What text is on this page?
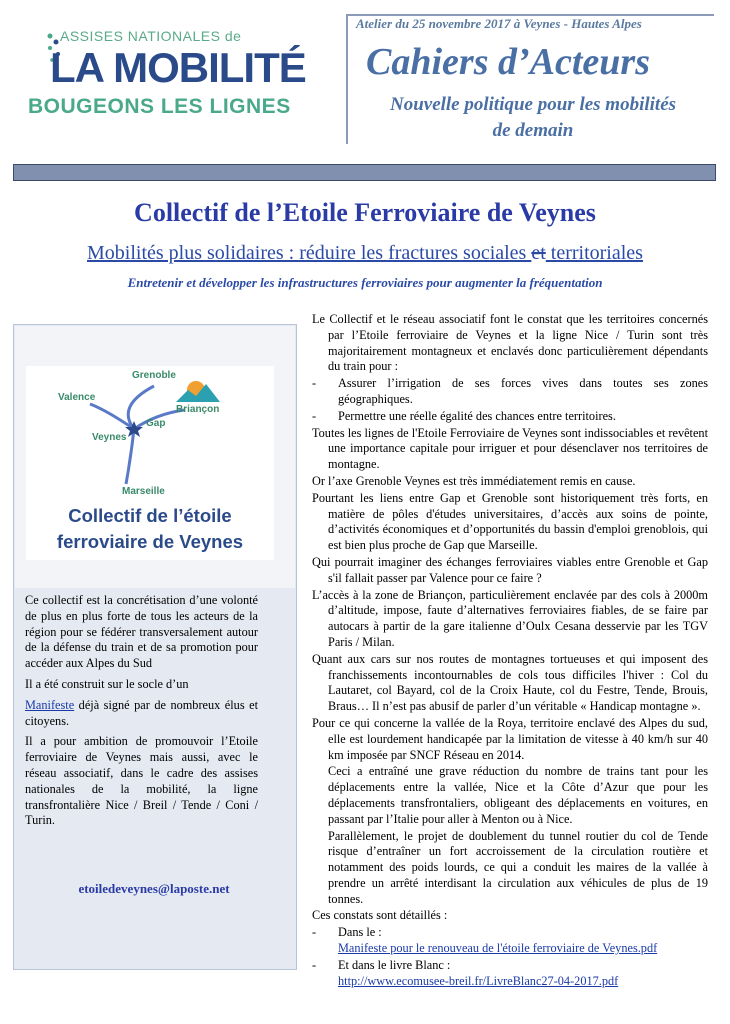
ASSISES NATIONALES de
LA MOBILITÉ
BOUGEONS LES LIGNES
Atelier du 25 novembre 2017 à Veynes - Hautes Alpes
Cahiers d’Acteurs
Nouvelle politique pour les mobilités
de demain
Collectif de l’Etoile Ferroviaire de Veynes
Mobilités plus solidaires : réduire les fractures sociales et territoriales
Entretenir et développer les infrastructures ferroviaires pour augmenter la fréquentation
Grenoble
Valence
Briançon
Gap
Veynes
Marseille
Collectif de l’étoile
ferroviaire de Veynes

Ce collectif est la concrétisation d’une volonté de plus en plus forte de tous les acteurs de la région pour se fédérer transversalement autour de la défense du train et de sa promotion pour accéder aux Alpes du Sud

Il a été construit sur le socle d’un

Manifeste déjà signé par de nombreux élus et citoyens.

Il a pour ambition de promouvoir l’Etoile ferroviaire de Veynes mais aussi, avec le réseau associatif, dans le cadre des assises nationales de la mobilité, la ligne transfrontalière Nice / Breil / Tende / Coni / Turin.

etoiledeveynes@laposte.net
Le Collectif et le réseau associatif font le constat que les territoires concernés par l’Etoile ferroviaire de Veynes et la ligne Nice / Turin sont très majoritairement montagneux et enclavés donc particulièrement dépendants du train pour :
- Assurer l’irrigation de ses forces vives dans toutes ses zones géographiques.
- Permettre une réelle égalité des chances entre territoires.
Toutes les lignes de l'Etoile Ferroviaire de Veynes sont indissociables et revêtent une importance capitale pour irriguer et pour désenclaver nos territoires de montagne.
Or l’axe Grenoble Veynes est très immédiatement remis en cause.
Pourtant les liens entre Gap et Grenoble sont historiquement très forts, en matière de pôles d'études universitaires, d’accès aux soins de pointe, d’activités économiques et d’opportunités du bassin d'emploi grenoblois, qui est bien plus proche de Gap que Marseille.
Qui pourrait imaginer des échanges ferroviaires viables entre Grenoble et Gap s'il fallait passer par Valence pour ce faire ?
L’accès à la zone de Briançon, particulièrement enclavée par des cols à 2000m d’altitude, impose, faute d’alternatives ferroviaires fiables, de se faire par autocars à partir de la gare italienne d’Oulx Cesana desservie par les TGV Paris / Milan.
Quant aux cars sur nos routes de montagnes tortueuses et qui imposent des franchissements incontournables de cols tous difficiles l'hiver : Col du Lautaret, col Bayard, col de la Croix Haute, col du Festre, Tende, Brouis, Braus… Il n’est pas abusif de parler d’un véritable « Handicap montagne ».
Pour ce qui concerne la vallée de la Roya, territoire enclavé des Alpes du sud, elle est lourdement handicapée par la limitation de vitesse à 40 km/h sur 40 km imposée par SNCF Réseau en 2014.
Ceci a entraîné une grave réduction du nombre de trains tant pour les déplacements entre la vallée, Nice et la Côte d’Azur que pour les déplacements transfrontaliers, obligeant des déplacements en voitures, en passant par l’Italie pour aller à Menton ou à Nice.
Parallèlement, le projet de doublement du tunnel routier du col de Tende risque d’entraîner un fort accroissement de la circulation routière et notamment des poids lourds, ce qui a conduit les maires de la vallée à prendre un arrêté interdisant la circulation aux véhicules de plus de 19 tonnes.
Ces constats sont détaillés :
- Dans le :
Manifeste pour le renouveau de l'étoile ferroviaire de Veynes.pdf
- Et dans le livre Blanc :
http://www.ecomusee-breil.fr/LivreBlanc27-04-2017.pdf
